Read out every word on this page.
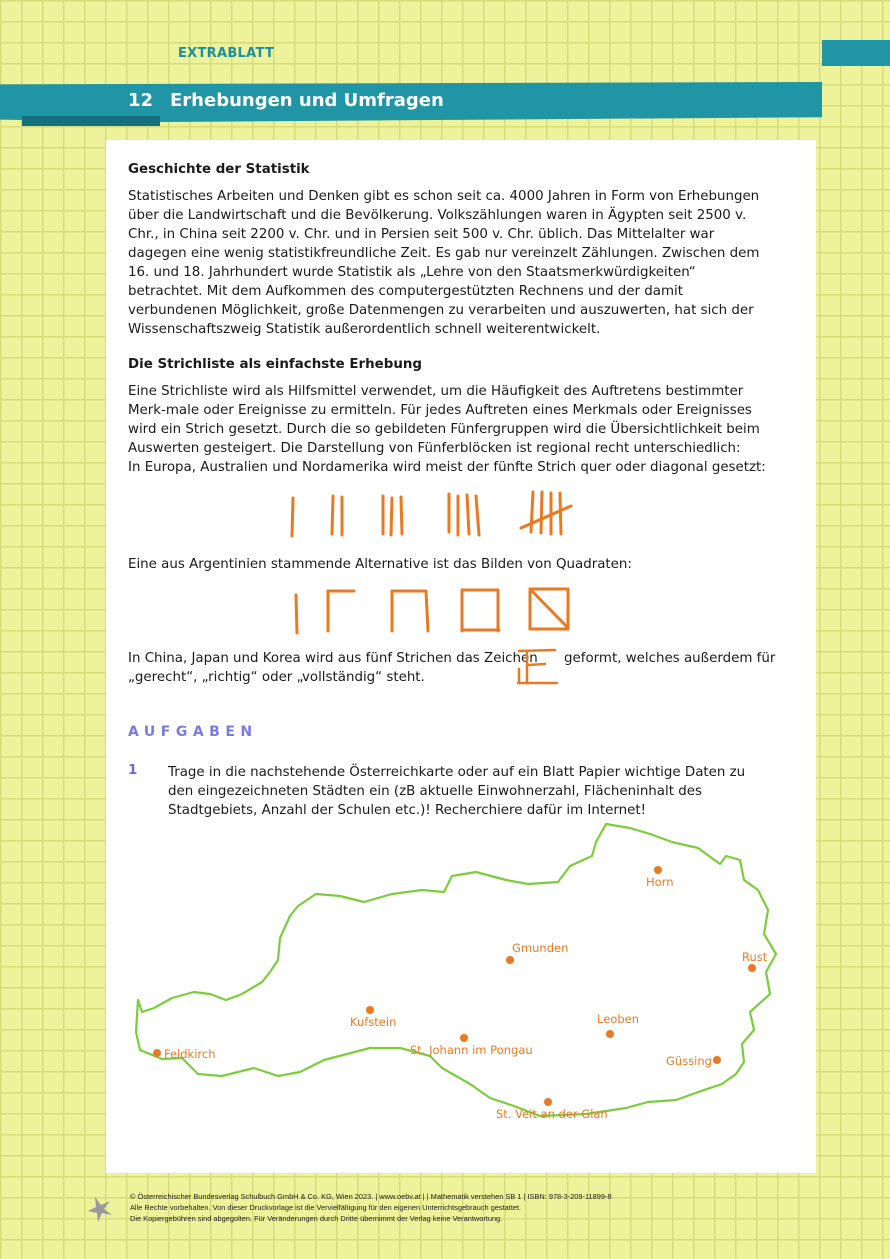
EXTRABLATT
12 Erhebungen und Umfragen
Geschichte der Statistik

Statistisches Arbeiten und Denken gibt es schon seit ca. 4000 Jahren in Form von Erhebungen über die Landwirtschaft und die Bevölkerung. Volkszählungen waren in Ägypten seit 2500 v. Chr., in China seit 2200 v. Chr. und in Persien seit 500 v. Chr. üblich. Das Mittelalter war dagegen eine wenig statistikfreundliche Zeit. Es gab nur vereinzelt Zählungen. Zwischen dem 16. und 18. Jahrhundert wurde Statistik als „Lehre von den Staatsmerkwürdigkeiten“ betrachtet. Mit dem Aufkommen des computergestützten Rechnens und der damit verbundenen Möglichkeit, große Datenmengen zu verarbeiten und auszuwerten, hat sich der Wissenschaftszweig Statistik außerordentlich schnell weiterentwickelt.

Die Strichliste als einfachste Erhebung

Eine Strichliste wird als Hilfsmittel verwendet, um die Häufigkeit des Auftretens bestimmter Merk-male oder Ereignisse zu ermitteln. Für jedes Auftreten eines Merkmals oder Ereignisses wird ein Strich gesetzt. Durch die so gebildeten Fünfergruppen wird die Übersichtlichkeit beim Auswerten gesteigert. Die Darstellung von Fünferblöcken ist regional recht unterschiedlich:

In Europa, Australien und Nordamerika wird meist der fünfte Strich quer oder diagonal gesetzt:

Eine aus Argentinien stammende Alternative ist das Bilden von Quadraten:
In China, Japan und Korea wird aus fünf Strichen das Zeichen geformt, welches außerdem für
„gerecht“, „richtig“ oder „vollständig“ steht.
AUFGABEN
1 Trage in die nachstehende Österreichkarte oder auf ein Blatt Papier wichtige Daten zu den eingezeichneten Städten ein (zB aktuelle Einwohnerzahl, Flächeninhalt des Stadtgebiets, Anzahl der Schulen etc.)! Recherchiere dafür im Internet!
Horn
Gmunden
Rust
Kufstein	Leoben
Feldkirch	St. Johann im Pongau
Güssing
St. Veit an der Glan
© Österreichischer Bundesverlag Schulbuch GmbH & Co. KG, Wien 2023. | www.oebv.at | | Mathematik verstehen SB 1 | ISBN: 978-3-209-11899-8
Alle Rechte vorbehalten. Von dieser Druckvorlage ist die Vervielfältigung für den eigenen Unterrichtsgebrauch gestattet.
Die Kopiergebühren sind abgegolten. Für Veränderungen durch Dritte übernimmt der Verlag keine Verantwortung.
